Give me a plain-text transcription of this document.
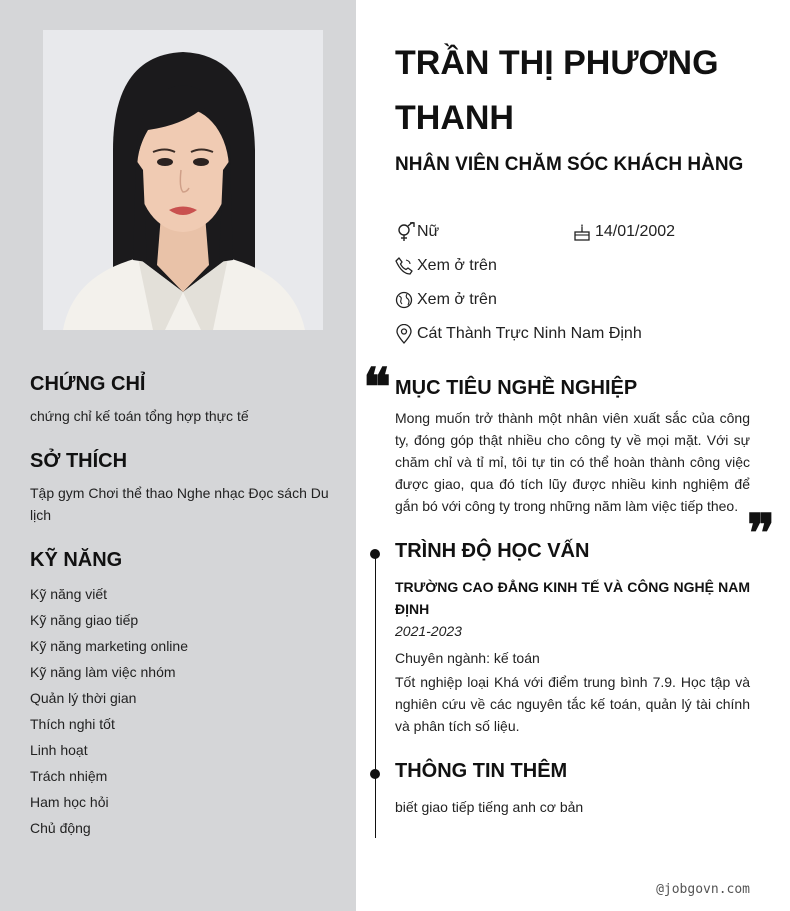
CHỨNG CHỈ
chứng chỉ kế toán tổng hợp thực tế
SỞ THÍCH
Tập gym Chơi thể thao Nghe nhạc Đọc sách Du lịch
KỸ NĂNG
Kỹ năng viết
Kỹ năng giao tiếp
Kỹ năng marketing online
Kỹ năng làm việc nhóm
Quản lý thời gian
Thích nghi tốt
Linh hoạt
Trách nhiệm
Ham học hỏi
Chủ động
TRẦN THỊ PHƯƠNG THANH
NHÂN VIÊN CHĂM SÓC KHÁCH HÀNG
Nữ	14/01/2002
Xem ở trên
Xem ở trên
Cát Thành Trực Ninh Nam Định
❝ MỤC TIÊU NGHỀ NGHIỆP
Mong muốn trở thành một nhân viên xuất sắc của công ty, đóng góp thật nhiều cho công ty về mọi mặt. Với sự chăm chỉ và tỉ mỉ, tôi tự tin có thể hoàn thành công việc được giao, qua đó tích lũy được nhiều kinh nghiệm để gắn bó với công ty trong những năm làm việc tiếp theo. ❞
TRÌNH ĐỘ HỌC VẤN
TRƯỜNG CAO ĐẲNG KINH TẾ VÀ CÔNG NGHỆ NAM ĐỊNH
2021-2023
Chuyên ngành: kế toán
Tốt nghiệp loại Khá với điểm trung bình 7.9. Học tập và nghiên cứu về các nguyên tắc kế toán, quản lý tài chính và phân tích số liệu.
THÔNG TIN THÊM
biết giao tiếp tiếng anh cơ bản
@jobgovn.com
